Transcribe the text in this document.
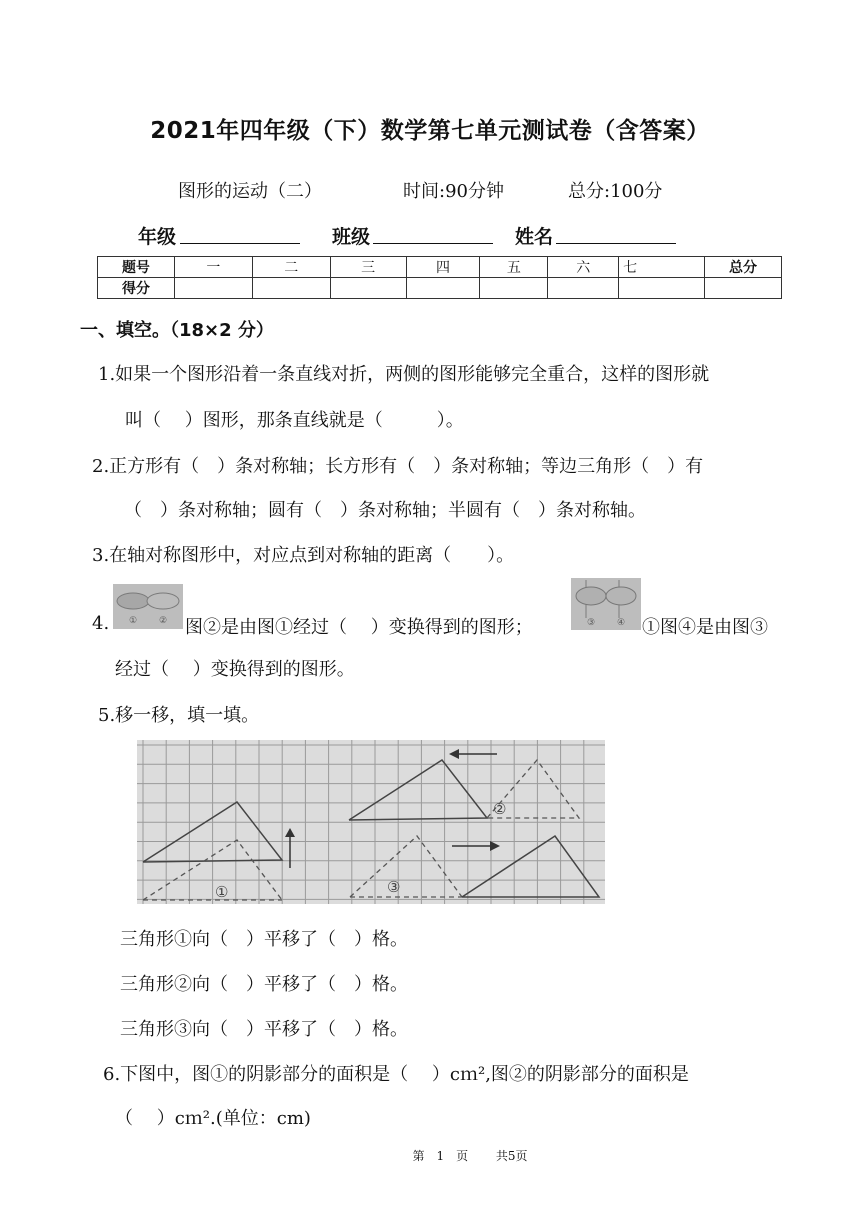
2021年四年级（下）数学第七单元测试卷（含答案）
图形的运动（二）	时间:90分钟	总分:100分
年级	班级	姓名
题号	一	二	三	四	五	六	七	总分
得分								
一、填空。（18×2 分）
1.如果一个图形沿着一条直线对折，两侧的图形能够完全重合，这样的图形就
叫（　 ）图形，那条直线就是（　　　）。
2.正方形有（　）条对称轴；长方形有（　）条对称轴；等边三角形（　）有
（　）条对称轴；圆有（　）条对称轴；半圆有（　）条对称轴。
3.在轴对称图形中，对应点到对称轴的距离（　　）。
4. ① ② 图②是由图①经过（　 ）变换得到的图形；	③ ④ ①图④是由图③
经过（　 ）变换得到的图形。
5.移一移，填一填。
①
②
③
三角形①向（　）平移了（　）格。
三角形②向（　）平移了（　）格。
三角形③向（　）平移了（　）格。
6.下图中，图①的阴影部分的面积是（　 ）cｍ²,图②的阴影部分的面积是
（　 ）cｍ².(单位：cm)
第　1　页　　 共5页
